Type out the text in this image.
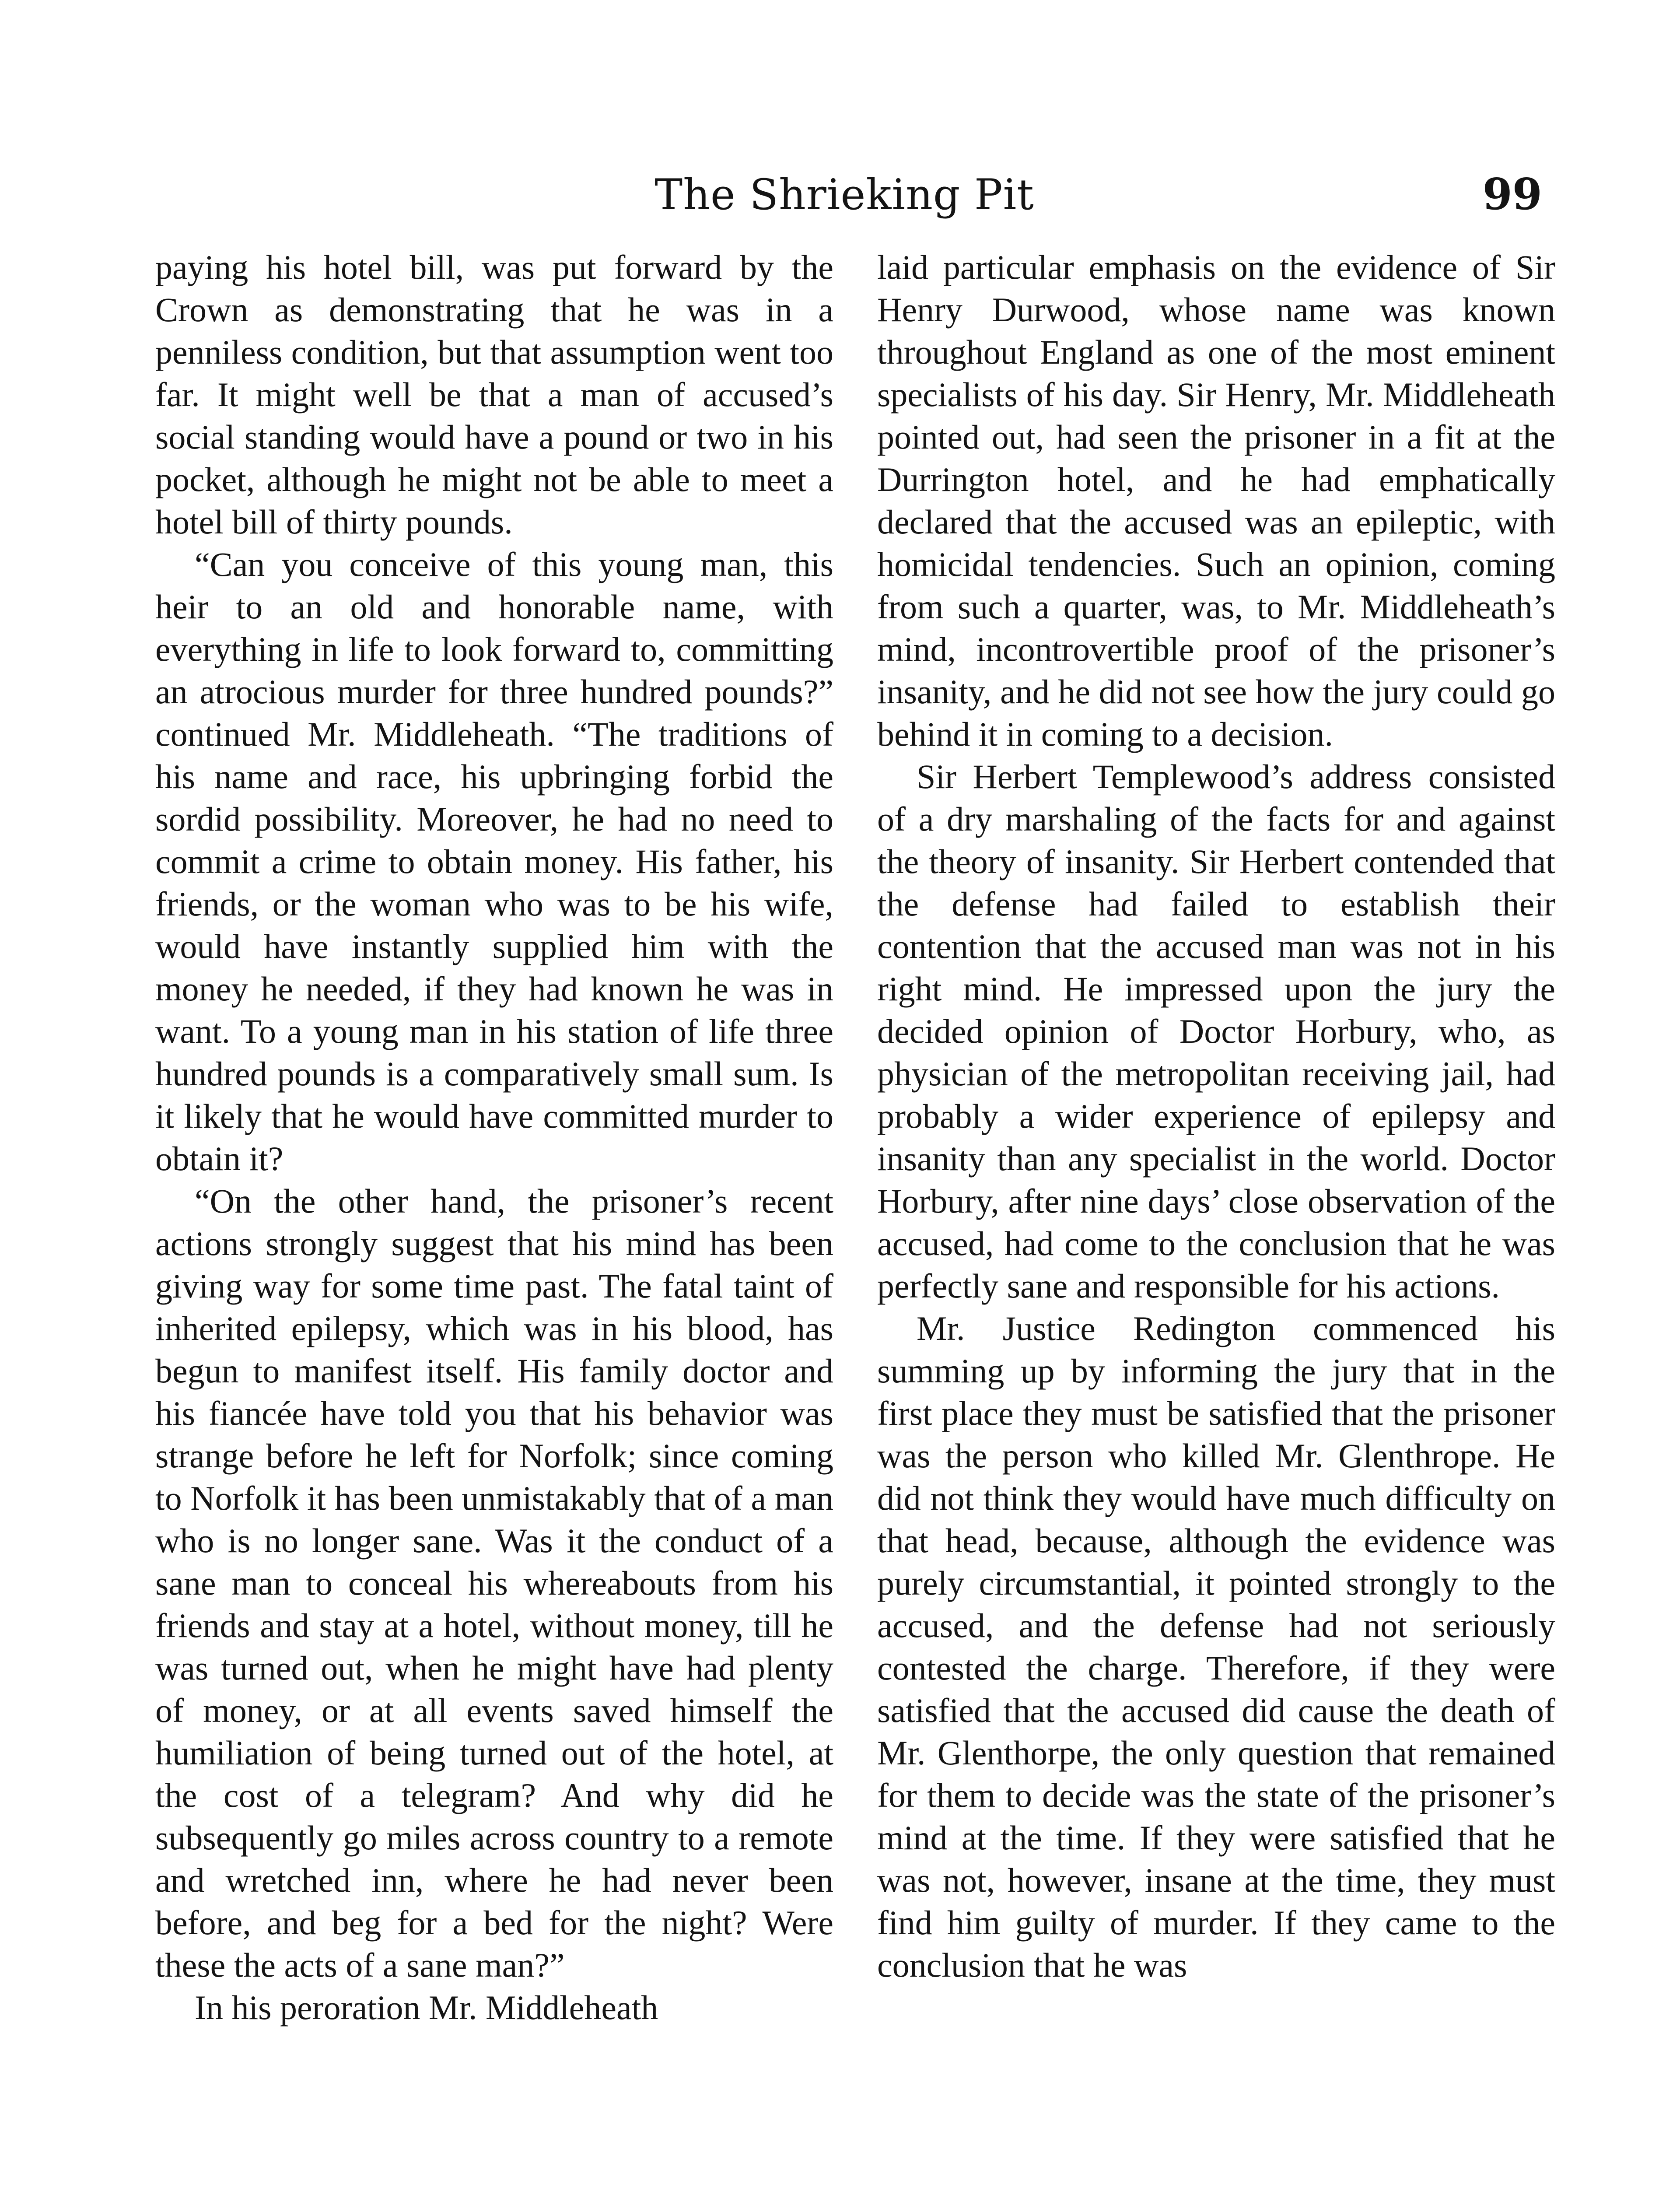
The Shrieking Pit	99

paying his hotel bill, was put forward by the Crown as demonstrating that he was in a penniless condition, but that assumption went too far. It might well be that a man of accused’s social standing would have a pound or two in his pocket, although he might not be able to meet a hotel bill of thirty pounds.

“Can you conceive of this young man, this heir to an old and honorable name, with everything in life to look forward to, committing an atrocious murder for three hundred pounds?” continued Mr. Middleheath. “The traditions of his name and race, his upbringing forbid the sordid possibility. Moreover, he had no need to commit a crime to obtain money. His father, his friends, or the woman who was to be his wife, would have instantly supplied him with the money he needed, if they had known he was in want. To a young man in his station of life three hundred pounds is a comparatively small sum. Is it likely that he would have committed murder to obtain it?

“On the other hand, the prisoner’s recent actions strongly suggest that his mind has been giving way for some time past. The fatal taint of inherited epilepsy, which was in his blood, has begun to manifest itself. His family doctor and his fiancée have told you that his behavior was strange before he left for Norfolk; since coming to Norfolk it has been unmistakably that of a man who is no longer sane. Was it the conduct of a sane man to conceal his whereabouts from his friends and stay at a hotel, without money, till he was turned out, when he might have had plenty of money, or at all events saved himself the humiliation of being turned out of the hotel, at the cost of a telegram? And why did he subsequently go miles across country to a remote and wretched inn, where he had never been before, and beg for a bed for the night? Were these the acts of a sane man?”

In his peroration Mr. Middleheath

laid particular emphasis on the evidence of Sir Henry Durwood, whose name was known throughout England as one of the most eminent specialists of his day. Sir Henry, Mr. Middleheath pointed out, had seen the prisoner in a fit at the Durrington hotel, and he had emphatically declared that the accused was an epileptic, with homicidal tendencies. Such an opinion, coming from such a quarter, was, to Mr. Middleheath’s mind, incontrovertible proof of the prisoner’s insanity, and he did not see how the jury could go behind it in coming to a decision.

Sir Herbert Templewood’s address consisted of a dry marshaling of the facts for and against the theory of insanity. Sir Herbert contended that the defense had failed to establish their contention that the accused man was not in his right mind. He impressed upon the jury the decided opinion of Doctor Horbury, who, as physician of the metropolitan receiving jail, had probably a wider experience of epilepsy and insanity than any specialist in the world. Doctor Horbury, after nine days’ close observation of the accused, had come to the conclusion that he was perfectly sane and responsible for his actions.

Mr. Justice Redington commenced his summing up by informing the jury that in the first place they must be satisfied that the prisoner was the person who killed Mr. Glenthrope. He did not think they would have much difficulty on that head, because, although the evidence was purely circumstantial, it pointed strongly to the accused, and the defense had not seriously contested the charge. Therefore, if they were satisfied that the accused did cause the death of Mr. Glenthorpe, the only question that remained for them to decide was the state of the prisoner’s mind at the time. If they were satisfied that he was not, however, insane at the time, they must find him guilty of murder. If they came to the conclusion that he was
